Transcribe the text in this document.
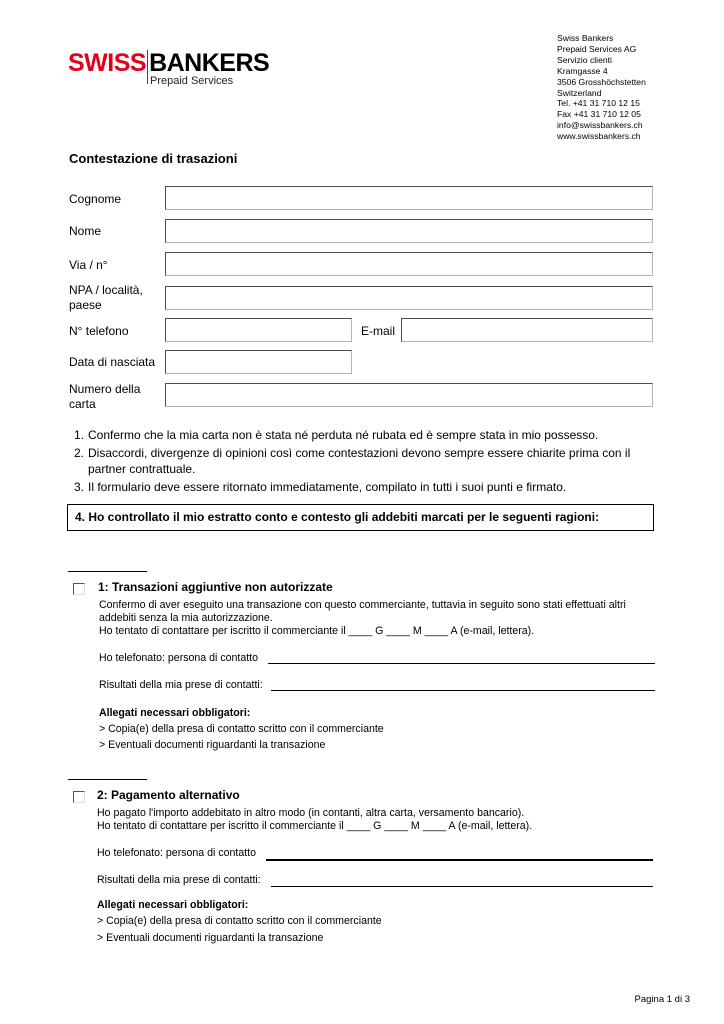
SWISS BANKERS
Prepaid Services
Swiss Bankers
Prepaid Services AG
Servizio clienti
Kramgasse 4
3506 Grosshöchstetten
Switzerland
Tel. +41 31 710 12 15
Fax +41 31 710 12 05
info@swissbankers.ch
www.swissbankers.ch
Contestazione di trasazioni
Cognome
Nome
Via / n°
NPA / località,
paese
N° telefono	E-mail
Data di nasciata
Numero della
carta
1. Confermo che la mia carta non è stata né perduta né rubata ed è sempre stata in mio possesso.
2. Disaccordi, divergenze di opinioni così come contestazioni devono sempre essere chiarite prima con il partner contrattuale.
3. Il formulario deve essere ritornato immediatamente, compilato in tutti i suoi punti e firmato.
4. Ho controllato il mio estratto conto e contesto gli addebiti marcati per le seguenti ragioni:
1: Transazioni aggiuntive non autorizzate
Confermo di aver eseguito una transazione con questo commerciante, tuttavia in seguito sono stati effettuati altri
addebiti senza la mia autorizzazione.
Ho tentato di contattare per iscritto il commerciante il ____ G ____ M ____ A (e-mail, lettera).
Ho telefonato: persona di contatto
Risultati della mia prese di contatti:
Allegati necessari obbligatori:
> Copia(e) della presa di contatto scritto con il commerciante
> Eventuali documenti riguardanti la transazione
2: Pagamento alternativo
Ho pagato l'importo addebitato in altro modo (in contanti, altra carta, versamento bancario).
Ho tentato di contattare per iscritto il commerciante il ____ G ____ M ____ A (e-mail, lettera).
Ho telefonato: persona di contatto
Risultati della mia prese di contatti:
Allegati necessari obbligatori:
> Copia(e) della presa di contatto scritto con il commerciante
> Eventuali documenti riguardanti la transazione
Pagina 1 di 3
